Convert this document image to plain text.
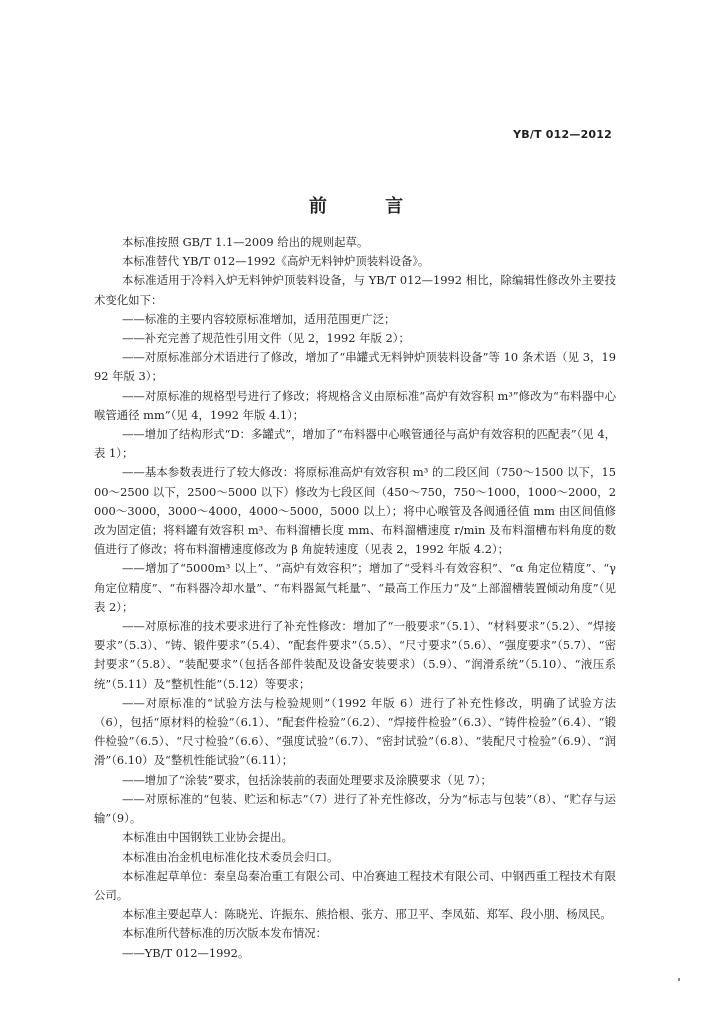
YB/T 012—2012
前 言

本标准按照 GB/T 1.1—2009 给出的规则起草。

本标准替代 YB/T 012—1992《高炉无料钟炉顶装料设备》。

本标准适用于冷料入炉无料钟炉顶装料设备，与 YB/T 012—1992 相比，除编辑性修改外主要技术变化如下：

——标准的主要内容较原标准增加，适用范围更广泛；

——补充完善了规范性引用文件（见 2，1992 年版 2）；

——对原标准部分术语进行了修改，增加了“串罐式无料钟炉顶装料设备”等 10 条术语（见 3，1992 年版 3）；

——对原标准的规格型号进行了修改；将规格含义由原标准“高炉有效容积 m³”修改为“布料器中心喉管通径 mm”（见 4，1992 年版 4.1）；

——增加了结构形式“D：多罐式”，增加了“布料器中心喉管通径与高炉有效容积的匹配表”（见 4，表 1）；

——基本参数表进行了较大修改：将原标准高炉有效容积 m³ 的二段区间（750～1500 以下，1500～2500 以下，2500～5000 以下）修改为七段区间（450～750，750～1000，1000～2000，2000～3000，3000～4000，4000～5000，5000 以上）；将中心喉管及各阀通径值 mm 由区间值修改为固定值；将料罐有效容积 m³、布料溜槽长度 mm、布料溜槽速度 r/min 及布料溜槽布料角度的数值进行了修改；将布料溜槽速度修改为 β 角旋转速度（见表 2，1992 年版 4.2）；

——增加了“5000m³ 以上”、“高炉有效容积”；增加了“受料斗有效容积”、“α 角定位精度”、“γ 角定位精度”、“布料器冷却水量”、“布料器氮气耗量”、“最高工作压力”及“上部溜槽装置倾动角度”（见表 2）；

——对原标准的技术要求进行了补充性修改：增加了“一般要求”（5.1）、“材料要求”（5.2）、“焊接要求”（5.3）、“铸、锻件要求”（5.4）、“配套件要求”（5.5）、“尺寸要求”（5.6）、“强度要求”（5.7）、“密封要求”（5.8）、“装配要求”（包括各部件装配及设备安装要求）（5.9）、“润滑系统”（5.10）、“液压系统”（5.11）及“整机性能”（5.12）等要求；

——对原标准的“试验方法与检验规则”（1992 年版 6）进行了补充性修改，明确了试验方法（6），包括“原材料的检验”（6.1）、“配套件检验”（6.2）、“焊接件检验”（6.3）、“铸件检验”（6.4）、“锻件检验”（6.5）、“尺寸检验”（6.6）、“强度试验”（6.7）、“密封试验”（6.8）、“装配尺寸检验”（6.9）、“润滑”（6.10）及“整机性能试验”（6.11）；

——增加了“涂装”要求，包括涂装前的表面处理要求及涂膜要求（见 7）；

——对原标准的“包装、贮运和标志”（7）进行了补充性修改，分为“标志与包装”（8）、“贮存与运输”（9）。

本标准由中国钢铁工业协会提出。

本标准由冶金机电标准化技术委员会归口。

本标准起草单位：秦皇岛秦冶重工有限公司、中冶赛迪工程技术有限公司、中钢西重工程技术有限公司。

本标准主要起草人：陈晓光、许振东、熊拾根、张方、邢卫平、李凤茹、郑军、段小朋、杨凤民。

本标准所代替标准的历次版本发布情况：

——YB/T 012—1992。
